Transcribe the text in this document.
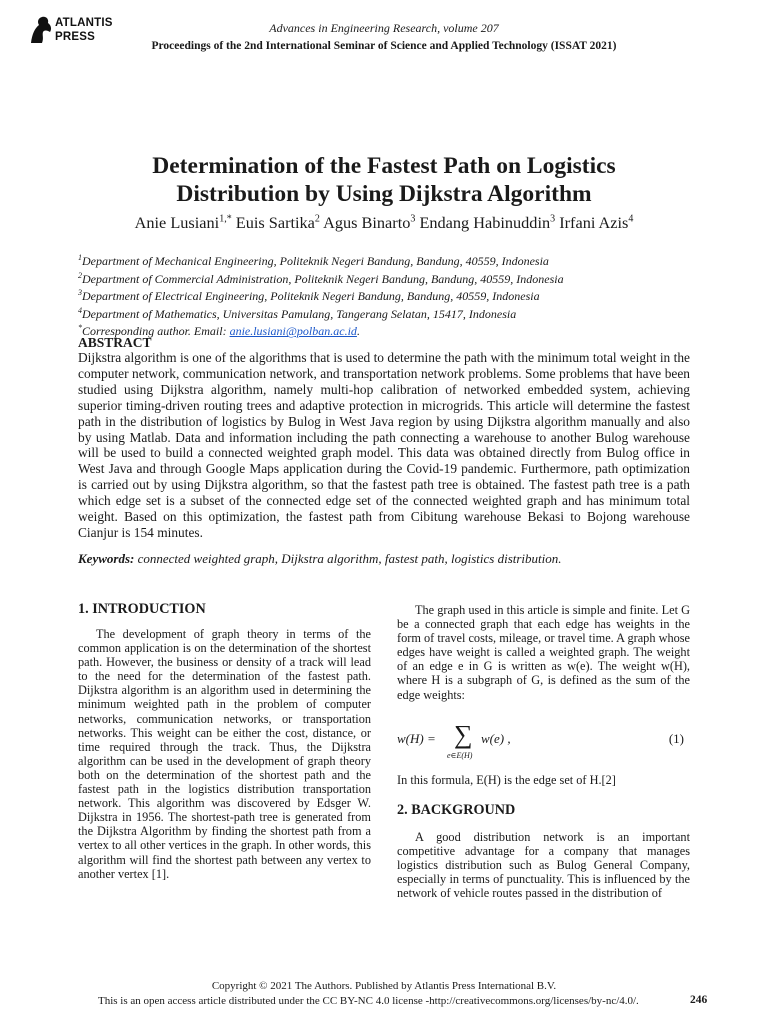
ATLANTIS
PRESS
Advances in Engineering Research, volume 207
Proceedings of the 2nd International Seminar of Science and Applied Technology (ISSAT 2021)
Determination of the Fastest Path on Logistics
Distribution by Using Dijkstra Algorithm
Anie Lusiani$^{1,*}$ Euis Sartika$^2$ Agus Binarto$^3$ Endang Habinuddin$^3$ Irfani Azis$^4$
$^1$Department of Mechanical Engineering, Politeknik Negeri Bandung, Bandung, 40559, Indonesia
$^2$Department of Commercial Administration, Politeknik Negeri Bandung, Bandung, 40559, Indonesia
$^3$Department of Electrical Engineering, Politeknik Negeri Bandung, Bandung, 40559, Indonesia
$^4$Department of Mathematics, Universitas Pamulang, Tangerang Selatan, 15417, Indonesia
*Corresponding author. Email: anie.lusiani@polban.ac.id.
ABSTRACT
Dijkstra algorithm is one of the algorithms that is used to determine the path with the minimum total weight in the computer network, communication network, and transportation network problems. Some problems that have been studied using Dijkstra algorithm, namely multi-hop calibration of networked embedded system, achieving superior timing-driven routing trees and adaptive protection in microgrids. This article will determine the fastest path in the distribution of logistics by Bulog in West Java region by using Dijkstra algorithm manually and also by using Matlab. Data and information including the path connecting a warehouse to another Bulog warehouse will be used to build a connected weighted graph model. This data was obtained directly from Bulog office in West Java and through Google Maps application during the Covid-19 pandemic. Furthermore, path optimization is carried out by using Dijkstra algorithm, so that the fastest path tree is obtained. The fastest path tree is a path which edge set is a subset of the connected edge set of the connected weighted graph and has minimum total weight. Based on this optimization, the fastest path from Cibitung warehouse Bekasi to Bojong warehouse Cianjur is 154 minutes.
Keywords: connected weighted graph, Dijkstra algorithm, fastest path, logistics distribution.
1. INTRODUCTION

The development of graph theory in terms of the common application is on the determination of the shortest path. However, the business or density of a track will lead to the need for the determination of the fastest path. Dijkstra algorithm is an algorithm used in determining the minimum weighted path in the problem of computer networks, communication networks, or transportation networks. This weight can be either the cost, distance, or time required through the track. Thus, the Dijkstra algorithm can be used in the development of graph theory both on the determination of the shortest path and the fastest path in the logistics distribution transportation network. This algorithm was discovered by Edsger W. Dijkstra in 1956. The shortest-path tree is generated from the Dijkstra Algorithm by finding the shortest path from a vertex to all other vertices in the graph. In other words, this algorithm will find the shortest path between any vertex to another vertex [1].

The graph used in this article is simple and finite. Let G be a connected graph that each edge has weights in the form of travel costs, mileage, or travel time. A graph whose edges have weight is called a weighted graph. The weight of an edge e in G is written as w(e). The weight w(H), where H is a subgraph of G, is defined as the sum of the edge weights:

w(H) = ∑
e∈E(H)
w(e) ,	(1)

In this formula, E(H) is the edge set of H.[2]

2. BACKGROUND

A good distribution network is an important competitive advantage for a company that manages logistics distribution such as Bulog General Company, especially in terms of punctuality. This is influenced by the network of vehicle routes passed in the distribution of

Copyright © 2021 The Authors. Published by Atlantis Press International B.V.
This is an open access article distributed under the CC BY-NC 4.0 license -http://creativecommons.org/licenses/by-nc/4.0/.	246
